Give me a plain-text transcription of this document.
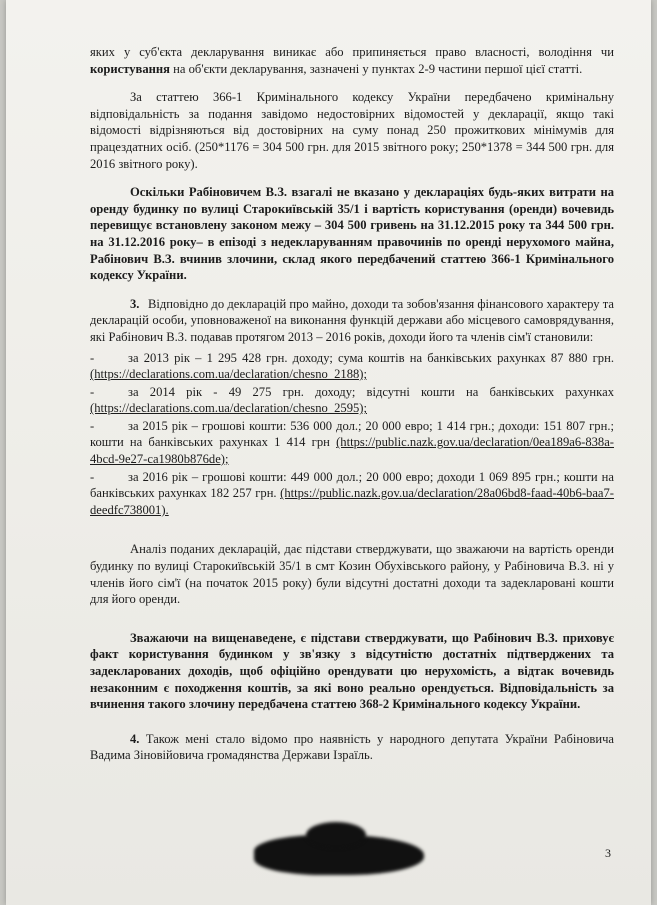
яких у суб'єкта декларування виникає або припиняється право власності, володіння чи користування на об'єкти декларування, зазначені у пунктах 2-9 частини першої цієї статті.

За статтею 366-1 Кримінального кодексу України передбачено кримінальну відповідальність за подання завідомо недостовірних відомостей у декларації, якщо такі відомості відрізняються від достовірних на суму понад 250 прожиткових мінімумів для працездатних осіб. (250*1176 = 304 500 грн. для 2015 звітного року; 250*1378 = 344 500 грн. для 2016 звітного року).

Оскільки Рабіновичем В.З. взагалі не вказано у деклараціях будь-яких витрати на оренду будинку по вулиці Старокиївській 35/1 і вартість користування (оренди) вочевидь перевищує встановлену законом межу – 304 500 гривень на 31.12.2015 року та 344 500 грн. на 31.12.2016 року– в епізоді з недекларуванням правочинів по оренді нерухомого майна, Рабінович В.З. вчинив злочини, склад якого передбачений статтею 366-1 Кримінального кодексу України.

3. Відповідно до декларацій про майно, доходи та зобов'язання фінансового характеру та декларацій особи, уповноваженої на виконання функцій держави або місцевого самоврядування, які Рабінович В.З. подавав протягом 2013 – 2016 років, доходи його та членів сім'ї становили:

-	за 2013 рік – 1 295 428 грн. доходу; сума коштів на банківських рахунках 87 880 грн. (https://declarations.com.ua/declaration/chesno_2188);
-	за 2014 рік - 49 275 грн. доходу; відсутні кошти на банківських рахунках (https://declarations.com.ua/declaration/chesno_2595);
-	за 2015 рік – грошові кошти: 536 000 дол.; 20 000 евро; 1 414 грн.; доходи: 151 807 грн.; кошти на банківських рахунках 1 414 грн (https://public.nazk.gov.ua/declaration/0ea189a6-838a-4bcd-9e27-ca1980b876de);
-	за 2016 рік – грошові кошти: 449 000 дол.; 20 000 евро; доходи 1 069 895 грн.; кошти на банківських рахунках 182 257 грн. (https://public.nazk.gov.ua/declaration/28a06bd8-faad-40b6-baa7-deedfc738001).

Аналіз поданих декларацій, дає підстави стверджувати, що зважаючи на вартість оренди будинку по вулиці Старокиївській 35/1 в смт Козин Обухівського району, у Рабіновича В.З. ні у членів його сім'ї (на початок 2015 року) були відсутні достатні доходи та задекларовані кошти для його оренди.

Зважаючи на вищенаведене, є підстави стверджувати, що Рабінович В.З. приховує факт користування будинком у зв'язку з відсутністю достатніх підтверджених та задекларованих доходів, щоб офіційно орендувати цю нерухомість, а відтак вочевидь незаконним є походження коштів, за які воно реально орендується. Відповідальність за вчинення такого злочину передбачена статтею 368-2 Кримінального кодексу України.

4. Також мені стало відомо про наявність у народного депутата України Рабіновича Вадима Зіновійовича громадянства Держави Ізраїль.

3
